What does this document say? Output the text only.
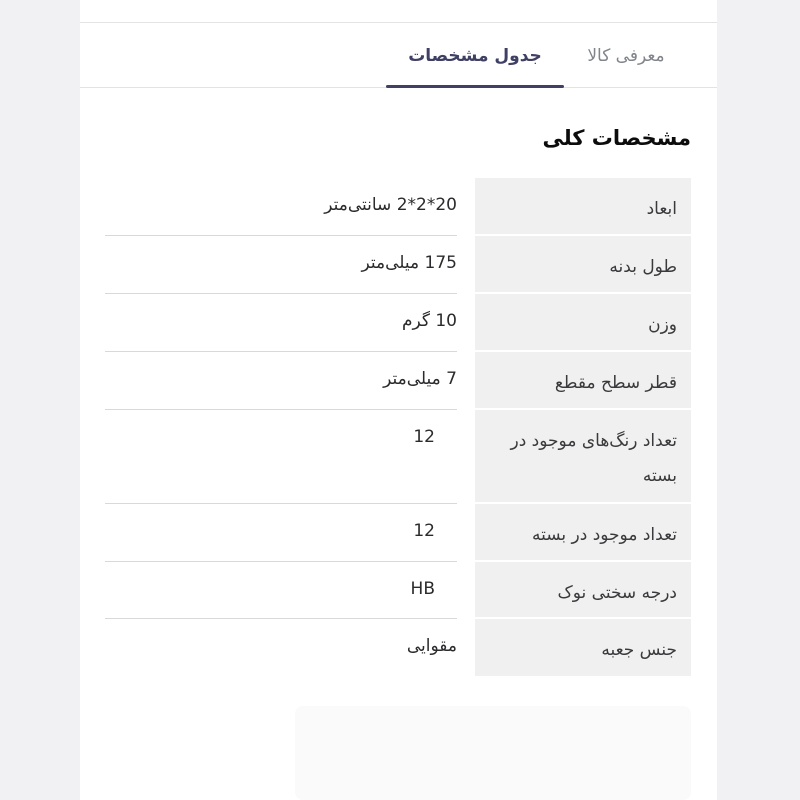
معرفی کالا
جدول مشخصات
مشخصات کلی
ابعاد
20*2*2 سانتی‌متر
طول بدنه
175 میلی‌متر
وزن
10 گرم
قطر سطح مقطع
7 میلی‌متر
تعداد رنگ‌های موجود در بسته
12
تعداد موجود در بسته
12
درجه سختی نوک
HB
جنس جعبه
مقوایی
